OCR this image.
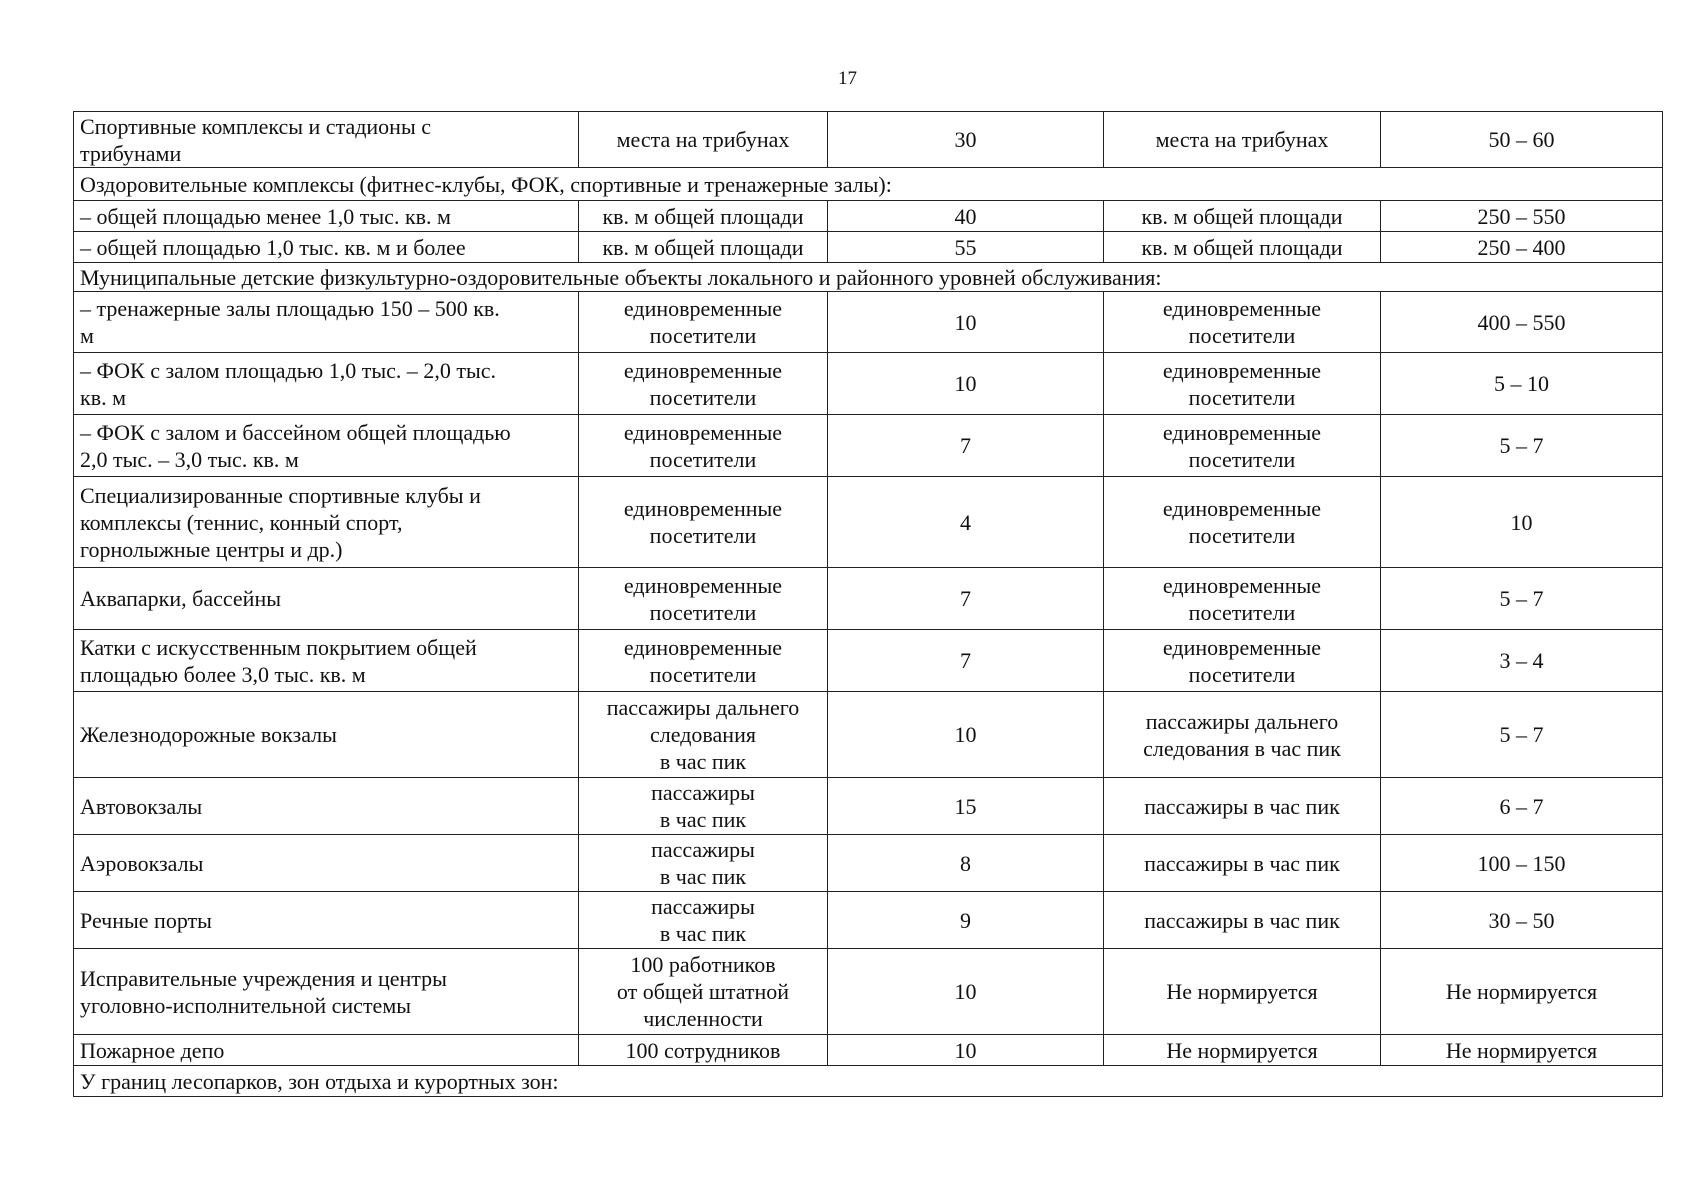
17
Спортивные комплексы и стадионы с
трибунами	места на трибунах	30	места на трибунах	50 – 60
Оздоровительные комплексы (фитнес-клубы, ФОК, спортивные и тренажерные залы):				

– общей площадью менее 1,0 тыс. кв. м	кв. м общей площади	40	кв. м общей площади	250 – 550

– общей площадью 1,0 тыс. кв. м и более	кв. м общей площади	55	кв. м общей площади	250 – 400
Муниципальные детские физкультурно-оздоровительные объекты локального и районного уровней обслуживания:				

– тренажерные залы площадью 150 – 500 кв.
м	единовременные
посетители	10	единовременные
посетители	400 – 550

– ФОК с залом площадью 1,0 тыс. – 2,0 тыс.
кв. м	единовременные
посетители	10	единовременные
посетители	5 – 10

– ФОК с залом и бассейном общей площадью
2,0 тыс. – 3,0 тыс. кв. м	единовременные
посетители	7	единовременные
посетители	5 – 7

Специализированные спортивные клубы и
комплексы (теннис, конный спорт,
горнолыжные центры и др.)	единовременные
посетители	4	единовременные
посетители	10

Аквапарки, бассейны	единовременные
посетители	7	единовременные
посетители	5 – 7

Катки с искусственным покрытием общей
площадью более 3,0 тыс. кв. м	единовременные
посетители	7	единовременные
посетители	3 – 4

Железнодорожные вокзалы	пассажиры дальнего
следования
в час пик	10	пассажиры дальнего
следования в час пик	5 – 7

Автовокзалы	пассажиры
в час пик	15	пассажиры в час пик	6 – 7

Аэровокзалы	пассажиры
в час пик	8	пассажиры в час пик	100 – 150

Речные порты	пассажиры
в час пик	9	пассажиры в час пик	30 – 50

Исправительные учреждения и центры
уголовно-исполнительной системы	100 работников
от общей штатной
численности	10	Не нормируется	Не нормируется

Пожарное депо	100 сотрудников	10	Не нормируется	Не нормируется
У границ лесопарков, зон отдыха и курортных зон:				
